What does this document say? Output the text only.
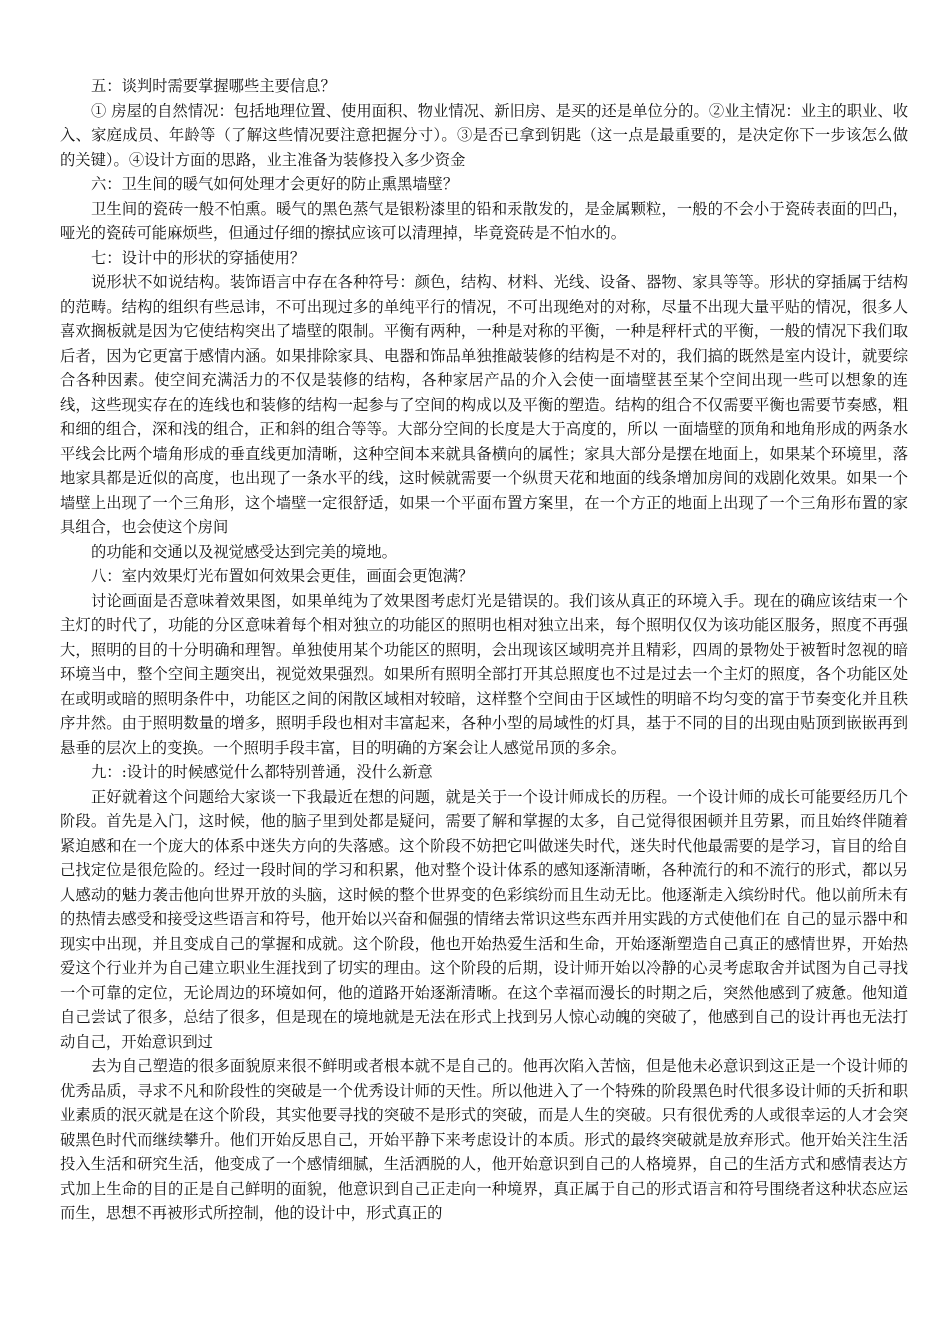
五：谈判时需要掌握哪些主要信息？

① 房屋的自然情况：包括地理位置、使用面积、物业情况、新旧房、是买的还是单位分的。②业主情况：业主的职业、收入、家庭成员、年龄等（了解这些情况要注意把握分寸）。③是否已拿到钥匙（这一点是最重要的，是决定你下一步该怎么做的关键）。④设计方面的思路，业主准备为装修投入多少资金

六：卫生间的暖气如何处理才会更好的防止熏黑墙壁？

卫生间的瓷砖一般不怕熏。暖气的黑色蒸气是银粉漆里的铅和汞散发的，是金属颗粒，一般的不会小于瓷砖表面的凹凸，哑光的瓷砖可能麻烦些，但通过仔细的擦拭应该可以清理掉，毕竟瓷砖是不怕水的。

七：设计中的形状的穿插使用？

说形状不如说结构。装饰语言中存在各种符号：颜色，结构、材料、光线、设备、器物、家具等等。形状的穿插属于结构的范畴。结构的组织有些忌讳，不可出现过多的单纯平行的情况，不可出现绝对的对称，尽量不出现大量平贴的情况，很多人喜欢搁板就是因为它使结构突出了墙壁的限制。平衡有两种，一种是对称的平衡，一种是秤杆式的平衡，一般的情况下我们取后者，因为它更富于感情内涵。如果排除家具、电器和饰品单独推敲装修的结构是不对的，我们搞的既然是室内设计，就要综合各种因素。使空间充满活力的不仅是装修的结构，各种家居产品的介入会使一面墙壁甚至某个空间出现一些可以想象的连线，这些现实存在的连线也和装修的结构一起参与了空间的构成以及平衡的塑造。结构的组合不仅需要平衡也需要节奏感，粗和细的组合，深和浅的组合，正和斜的组合等等。大部分空间的长度是大于高度的，所以 一面墙壁的顶角和地角形成的两条水平线会比两个墙角形成的垂直线更加清晰，这种空间本来就具备横向的属性；家具大部分是摆在地面上，如果某个环境里，落地家具都是近似的高度，也出现了一条水平的线，这时候就需要一个纵贯天花和地面的线条增加房间的戏剧化效果。如果一个墙壁上出现了一个三角形，这个墙壁一定很舒适，如果一个平面布置方案里，在一个方正的地面上出现了一个三角形布置的家具组合，也会使这个房间

的功能和交通以及视觉感受达到完美的境地。

八：室内效果灯光布置如何效果会更佳，画面会更饱满？

讨论画面是否意味着效果图，如果单纯为了效果图考虑灯光是错误的。我们该从真正的环境入手。现在的确应该结束一个主灯的时代了，功能的分区意味着每个相对独立的功能区的照明也相对独立出来，每个照明仅仅为该功能区服务，照度不再强大，照明的目的十分明确和理智。单独使用某个功能区的照明，会出现该区域明亮并且精彩，四周的景物处于被暂时忽视的暗环境当中，整个空间主题突出，视觉效果强烈。如果所有照明全部打开其总照度也不过是过去一个主灯的照度，各个功能区处在或明或暗的照明条件中，功能区之间的闲散区域相对较暗，这样整个空间由于区域性的明暗不均匀变的富于节奏变化并且秩序井然。由于照明数量的增多，照明手段也相对丰富起来，各种小型的局域性的灯具，基于不同的目的出现由贴顶到嵌嵌再到悬垂的层次上的变换。一个照明手段丰富，目的明确的方案会让人感觉吊顶的多余。

九：:设计的时候感觉什么都特别普通，没什么新意

正好就着这个问题给大家谈一下我最近在想的问题，就是关于一个设计师成长的历程。一个设计师的成长可能要经历几个阶段。首先是入门，这时候，他的脑子里到处都是疑问，需要了解和掌握的太多，自己觉得很困顿并且劳累，而且始终伴随着紧迫感和在一个庞大的体系中迷失方向的失落感。这个阶段不妨把它叫做迷失时代，迷失时代他最需要的是学习，盲目的给自己找定位是很危险的。经过一段时间的学习和积累，他对整个设计体系的感知逐渐清晰，各种流行的和不流行的形式，都以另人感动的魅力袭击他向世界开放的头脑，这时候的整个世界变的色彩缤纷而且生动无比。他逐渐走入缤纷时代。他以前所未有的热情去感受和接受这些语言和符号，他开始以兴奋和倔强的情绪去常识这些东西并用实践的方式使他们在 自己的显示器中和现实中出现，并且变成自己的掌握和成就。这个阶段，他也开始热爱生活和生命，开始逐渐塑造自己真正的感情世界，开始热爱这个行业并为自己建立职业生涯找到了切实的理由。这个阶段的后期，设计师开始以冷静的心灵考虑取舍并试图为自己寻找一个可靠的定位，无论周边的环境如何，他的道路开始逐渐清晰。在这个幸福而漫长的时期之后，突然他感到了疲惫。他知道自己尝试了很多，总结了很多，但是现在的境地就是无法在形式上找到另人惊心动魄的突破了，他感到自己的设计再也无法打动自己，开始意识到过

去为自己塑造的很多面貌原来很不鲜明或者根本就不是自己的。他再次陷入苦恼，但是他未必意识到这正是一个设计师的优秀品质，寻求不凡和阶段性的突破是一个优秀设计师的天性。所以他进入了一个特殊的阶段黑色时代很多设计师的夭折和职业素质的泯灭就是在这个阶段，其实他要寻找的突破不是形式的突破，而是人生的突破。只有很优秀的人或很幸运的人才会突破黑色时代而继续攀升。他们开始反思自己，开始平静下来考虑设计的本质。形式的最终突破就是放弃形式。他开始关注生活投入生活和研究生活，他变成了一个感情细腻，生活洒脱的人，他开始意识到自己的人格境界，自己的生活方式和感情表达方式加上生命的目的正是自己鲜明的面貌，他意识到自己正走向一种境界，真正属于自己的形式语言和符号围绕者这种状态应运而生，思想不再被形式所控制，他的设计中，形式真正的
